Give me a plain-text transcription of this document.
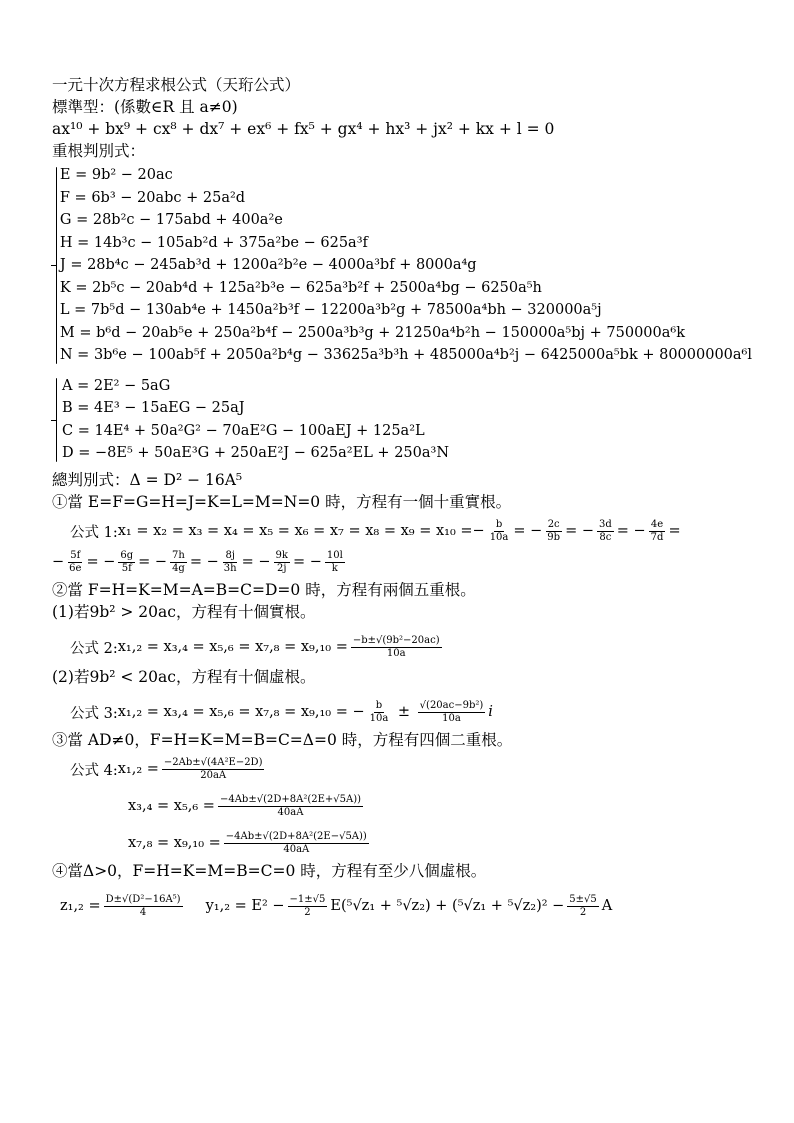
一元十次方程求根公式（天珩公式）
標準型：(係數∈R 且 a≠0)
ax¹⁰ + bx⁹ + cx⁸ + dx⁷ + ex⁶ + fx⁵ + gx⁴ + hx³ + jx² + kx + l = 0
重根判別式：
E = 9b² − 20ac
F = 6b³ − 20abc + 25a²d
G = 28b²c − 175abd + 400a²e
H = 14b³c − 105ab²d + 375a²be − 625a³f
J = 28b⁴c − 245ab³d + 1200a²b²e − 4000a³bf + 8000a⁴g
K = 2b⁵c − 20ab⁴d + 125a²b³e − 625a³b²f + 2500a⁴bg − 6250a⁵h
L = 7b⁵d − 130ab⁴e + 1450a²b³f − 12200a³b²g + 78500a⁴bh − 320000a⁵j
M = b⁶d − 20ab⁵e + 250a²b⁴f − 2500a³b³g + 21250a⁴b²h − 150000a⁵bj + 750000a⁶k
N = 3b⁶e − 100ab⁵f + 2050a²b⁴g − 33625a³b³h + 485000a⁴b²j − 6425000a⁵bk + 80000000a⁶l
A = 2E² − 5aG
B = 4E³ − 15aEG − 25aJ
C = 14E⁴ + 50a²G² − 70aE²G − 100aEJ + 125a²L
D = −8E⁵ + 50aE³G + 250aE²J − 625a²EL + 250a³N
總判別式：Δ = D² − 16A⁵
①當 E=F=G=H=J=K=L=M=N=0 時，方程有一個十重實根。
公式 1: x₁ = x₂ = x₃ = x₄ = x₅ = x₆ = x₇ = x₈ = x₉ = x₁₀ = − $\frac{b}{10a}$ = − $\frac{2c}{9b}$ = − $\frac{3d}{8c}$ = − $\frac{4e}{7d}$ =
− $\frac{5f}{6e}$ = − $\frac{6g}{5f}$ = − $\frac{7h}{4g}$ = − $\frac{8j}{3h}$ = − $\frac{9k}{2j}$ = − $\frac{10l}{k}$
②當 F=H=K=M=A=B=C=D=0 時，方程有兩個五重根。
(1)若9b² > 20ac，方程有十個實根。
公式 2: $x_1,_2 = x_3,_4 = x_5,_6 = x_7,_8 = x_9,_{10} = \frac{\text{−b±√(9b²−20ac)}}{10a}$
(2)若9b² < 20ac，方程有十個虛根。
公式 3: x₁,₂ = x₃,₄ = x₅,₆ = x₇,₈ = x₉,₁₀ = − $\frac{b}{10a} \pm \frac{\text{√(20ac−9b²)}}{10a}$ i
③當 AD≠0，F=H=K=M=B=C=Δ=0 時，方程有四個二重根。
公式 4: $x_1,_2 = \frac{\text{−2Ab±√(4A²E−2D)}}{20aA}$
$x_3,_4 = x_5,_6 = \frac{\text{−4Ab±√(2D+8A²(2E+√5A))}}{40aA}$
$x_7,_8 = x_9,_{10} = \frac{\text{−4Ab±√(2D+8A²(2E−√5A))}}{40aA}$
④當Δ>0，F=H=K=M=B=C=0 時，方程有至少八個虛根。
$z_1,_2 = \frac{\text{D±√(D²−16A⁵)}}{4} y_1,_2 = E^2 - \frac{-1\pm√5}{2} E(^5√z_1 + ^5√z_2) + (^5√z_1 + ^5√z_2)^2 - \frac{5\pm√5}{2}$ A
